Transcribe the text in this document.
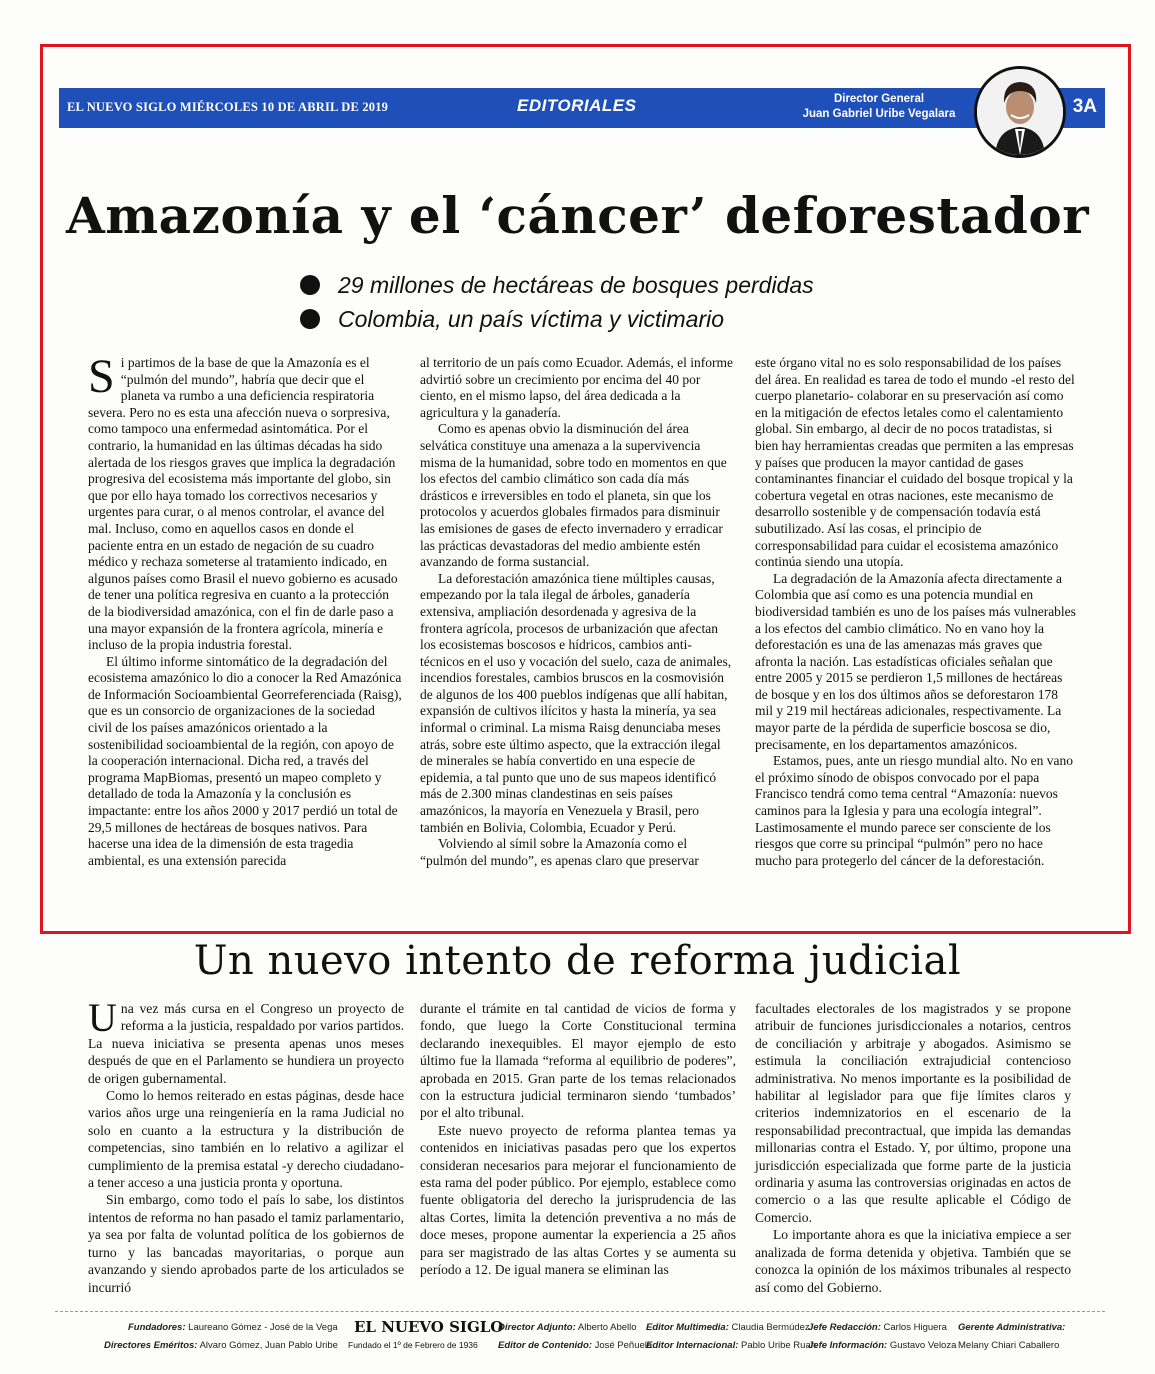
EL NUEVO SIGLO MIÉRCOLES 10 DE ABRIL DE 2019	EDITORIALES	Director General
Juan Gabriel Uribe Vegalara	3A
Amazonía y el ‘cáncer’ deforestador
29 millones de hectáreas de bosques perdidas
Colombia, un país víctima y victimario

Si partimos de la base de que la Amazonía es el “pulmón del mundo”, habría que decir que el planeta va rumbo a una deficiencia respiratoria severa. Pero no es esta una afección nueva o sorpresiva, como tampoco una enfermedad asintomática. Por el contrario, la humanidad en las últimas décadas ha sido alertada de los riesgos graves que implica la degradación progresiva del ecosistema más importante del globo, sin que por ello haya tomado los correctivos necesarios y urgentes para curar, o al menos controlar, el avance del mal. Incluso, como en aquellos casos en donde el paciente entra en un estado de negación de su cuadro médico y rechaza someterse al tratamiento indicado, en algunos países como Brasil el nuevo gobierno es acusado de tener una política regresiva en cuanto a la protección de la biodiversidad amazónica, con el fin de darle paso a una mayor expansión de la frontera agrícola, minería e incluso de la propia industria forestal.

El último informe sintomático de la degradación del ecosistema amazónico lo dio a conocer la Red Amazónica de Información Socioambiental Georreferenciada (Raisg), que es un consorcio de organizaciones de la sociedad civil de los países amazónicos orientado a la sostenibilidad socioambiental de la región, con apoyo de la cooperación internacional. Dicha red, a través del programa MapBiomas, presentó un mapeo completo y detallado de toda la Amazonía y la conclusión es impactante: entre los años 2000 y 2017 perdió un total de 29,5 millones de hectáreas de bosques nativos. Para hacerse una idea de la dimensión de esta tragedia ambiental, es una extensión parecida

al territorio de un país como Ecuador. Además, el informe advirtió sobre un crecimiento por encima del 40 por ciento, en el mismo lapso, del área dedicada a la agricultura y la ganadería.

Como es apenas obvio la disminución del área selvática constituye una amenaza a la supervivencia misma de la humanidad, sobre todo en momentos en que los efectos del cambio climático son cada día más drásticos e irreversibles en todo el planeta, sin que los protocolos y acuerdos globales firmados para disminuir las emisiones de gases de efecto invernadero y erradicar las prácticas devastadoras del medio ambiente estén avanzando de forma sustancial.

La deforestación amazónica tiene múltiples causas, empezando por la tala ilegal de árboles, ganadería extensiva, ampliación desordenada y agresiva de la frontera agrícola, procesos de urbanización que afectan los ecosistemas boscosos e hídricos, cambios anti-técnicos en el uso y vocación del suelo, caza de animales, incendios forestales, cambios bruscos en la cosmovisión de algunos de los 400 pueblos indígenas que allí habitan, expansión de cultivos ilícitos y hasta la minería, ya sea informal o criminal. La misma Raisg denunciaba meses atrás, sobre este último aspecto, que la extracción ilegal de minerales se había convertido en una especie de epidemia, a tal punto que uno de sus mapeos identificó más de 2.300 minas clandestinas en seis países amazónicos, la mayoría en Venezuela y Brasil, pero también en Bolivia, Colombia, Ecuador y Perú.

Volviendo al símil sobre la Amazonía como el “pulmón del mundo”, es apenas claro que preservar

este órgano vital no es solo responsabilidad de los países del área. En realidad es tarea de todo el mundo -el resto del cuerpo planetario- colaborar en su preservación así como en la mitigación de efectos letales como el calentamiento global. Sin embargo, al decir de no pocos tratadistas, si bien hay herramientas creadas que permiten a las empresas y países que producen la mayor cantidad de gases contaminantes financiar el cuidado del bosque tropical y la cobertura vegetal en otras naciones, este mecanismo de desarrollo sostenible y de compensación todavía está subutilizado. Así las cosas, el principio de corresponsabilidad para cuidar el ecosistema amazónico continúa siendo una utopía.

La degradación de la Amazonía afecta directamente a Colombia que así como es una potencia mundial en biodiversidad también es uno de los países más vulnerables a los efectos del cambio climático. No en vano hoy la deforestación es una de las amenazas más graves que afronta la nación. Las estadísticas oficiales señalan que entre 2005 y 2015 se perdieron 1,5 millones de hectáreas de bosque y en los dos últimos años se deforestaron 178 mil y 219 mil hectáreas adicionales, respectivamente. La mayor parte de la pérdida de superficie boscosa se dio, precisamente, en los departamentos amazónicos.

Estamos, pues, ante un riesgo mundial alto. No en vano el próximo sínodo de obispos convocado por el papa Francisco tendrá como tema central “Amazonía: nuevos caminos para la Iglesia y para una ecología integral”. Lastimosamente el mundo parece ser consciente de los riesgos que corre su principal “pulmón” pero no hace mucho para protegerlo del cáncer de la deforestación.

Un nuevo intento de reforma judicial

Una vez más cursa en el Congreso un proyecto de reforma a la justicia, respaldado por varios partidos. La nueva iniciativa se presenta apenas unos meses después de que en el Parlamento se hundiera un proyecto de origen gubernamental.

Como lo hemos reiterado en estas páginas, desde hace varios años urge una reingeniería en la rama Judicial no solo en cuanto a la estructura y la distribución de competencias, sino también en lo relativo a agilizar el cumplimiento de la premisa estatal -y derecho ciudadano- a tener acceso a una justicia pronta y oportuna.

Sin embargo, como todo el país lo sabe, los distintos intentos de reforma no han pasado el tamiz parlamentario, ya sea por falta de voluntad política de los gobiernos de turno y las bancadas mayoritarias, o porque aun avanzando y siendo aprobados parte de los articulados se incurrió

durante el trámite en tal cantidad de vicios de forma y fondo, que luego la Corte Constitucional termina declarando inexequibles. El mayor ejemplo de esto último fue la llamada “reforma al equilibrio de poderes”, aprobada en 2015. Gran parte de los temas relacionados con la estructura judicial terminaron siendo ‘tumbados’ por el alto tribunal.

Este nuevo proyecto de reforma plantea temas ya contenidos en iniciativas pasadas pero que los expertos consideran necesarios para mejorar el funcionamiento de esta rama del poder público. Por ejemplo, establece como fuente obligatoria del derecho la jurisprudencia de las altas Cortes, limita la detención preventiva a no más de doce meses, propone aumentar la experiencia a 25 años para ser magistrado de las altas Cortes y se aumenta su período a 12. De igual manera se eliminan las

facultades electorales de los magistrados y se propone atribuir de funciones jurisdiccionales a notarios, centros de conciliación y arbitraje y abogados. Asimismo se estimula la conciliación extrajudicial contencioso administrativa. No menos importante es la posibilidad de habilitar al legislador para que fije límites claros y criterios indemnizatorios en el escenario de la responsabilidad precontractual, que impida las demandas millonarias contra el Estado. Y, por último, propone una jurisdicción especializada que forme parte de la justicia ordinaria y asuma las controversias originadas en actos de comercio o a las que resulte aplicable el Código de Comercio.

Lo importante ahora es que la iniciativa empiece a ser analizada de forma detenida y objetiva. También que se conozca la opinión de los máximos tribunales al respecto así como del Gobierno.

Fundadores: Laureano Gómez - José de la Vega
Directores Eméritos: Alvaro Gómez, Juan Pablo Uribe
EL NUEVO SIGLO
Fundado el 1º de Febrero de 1936
Director Adjunto: Alberto Abello
Editor de Contenido: José Peñuela
Editor Multimedia: Claudia Bermúdez
Editor Internacional: Pablo Uribe Ruan
Jefe Redacción: Carlos Higuera
Jefe Información: Gustavo Veloza
Gerente Administrativa:
Melany Chiari Caballero
